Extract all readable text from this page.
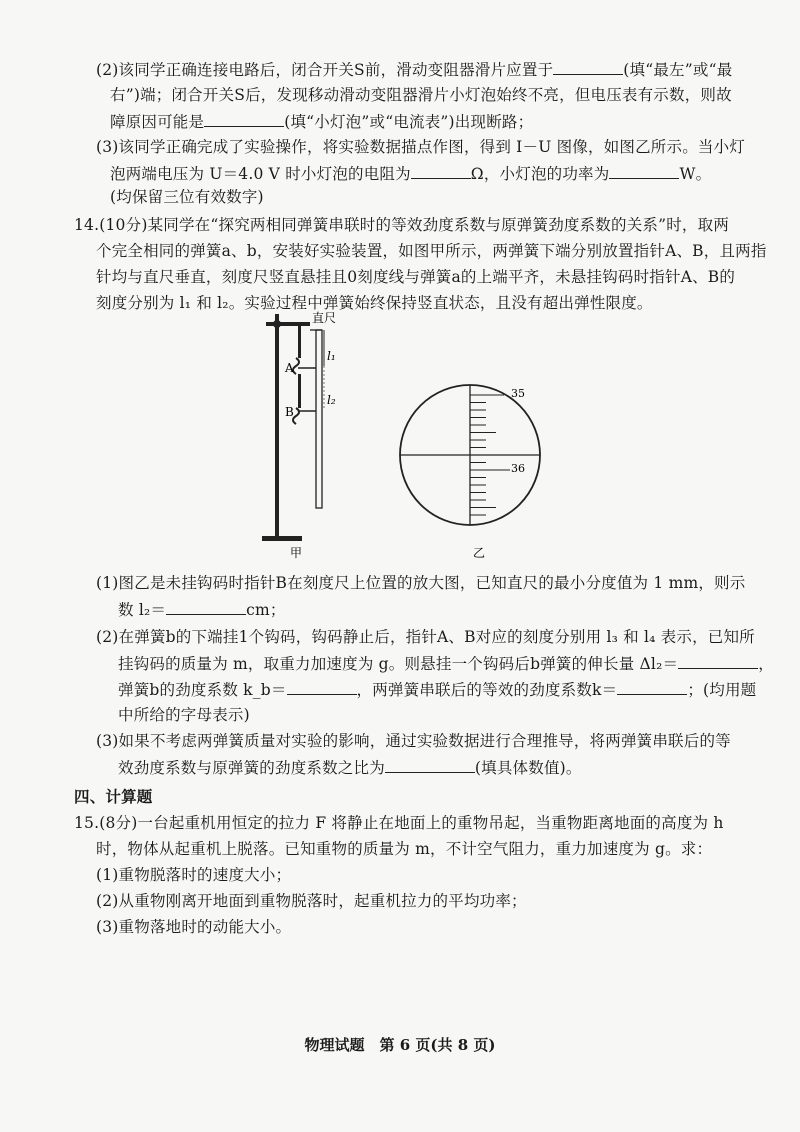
(2)该同学正确连接电路后，闭合开关S前，滑动变阻器滑片应置于	(填“最左”或“最
右”)端；闭合开关S后，发现移动滑动变阻器滑片小灯泡始终不亮，但电压表有示数，则故
障原因可能是	(填“小灯泡”或“电流表”)出现断路；
(3)该同学正确完成了实验操作，将实验数据描点作图，得到 I－U 图像，如图乙所示。当小灯
泡两端电压为 U＝4.0 V 时小灯泡的电阻为	Ω，小灯泡的功率为	W。
(均保留三位有效数字)
14.(10分)某同学在“探究两相同弹簧串联时的等效劲度系数与原弹簧劲度系数的关系”时，取两
个完全相同的弹簧a、b，安装好实验装置，如图甲所示，两弹簧下端分别放置指针A、B，且两指
针均与直尺垂直，刻度尺竖直悬挂且0刻度线与弹簧a的上端平齐，未悬挂钩码时指针A、B的
刻度分别为 l₁ 和 l₂。实验过程中弹簧始终保持竖直状态，且没有超出弹性限度。
直尺
A
B
l₁
l₂
甲
35
36
乙
(1)图乙是未挂钩码时指针B在刻度尺上位置的放大图，已知直尺的最小分度值为 1 mm，则示
数 l₂＝	cm；
(2)在弹簧b的下端挂1个钩码，钩码静止后，指针A、B对应的刻度分别用 l₃ 和 l₄ 表示，已知所
挂钩码的质量为 m，取重力加速度为 g。则悬挂一个钩码后b弹簧的伸长量 Δl₂＝	，
弹簧b的劲度系数 k_b＝	，两弹簧串联后的等效的劲度系数k＝	；(均用题
中所给的字母表示)
(3)如果不考虑两弹簧质量对实验的影响，通过实验数据进行合理推导，将两弹簧串联后的等
效劲度系数与原弹簧的劲度系数之比为	(填具体数值)。
四、计算题
15.(8分)一台起重机用恒定的拉力 F 将静止在地面上的重物吊起，当重物距离地面的高度为 h
时，物体从起重机上脱落。已知重物的质量为 m，不计空气阻力，重力加速度为 g。求：
(1)重物脱落时的速度大小；
(2)从重物刚离开地面到重物脱落时，起重机拉力的平均功率；
(3)重物落地时的动能大小。
物理试题　第 6 页(共 8 页)
